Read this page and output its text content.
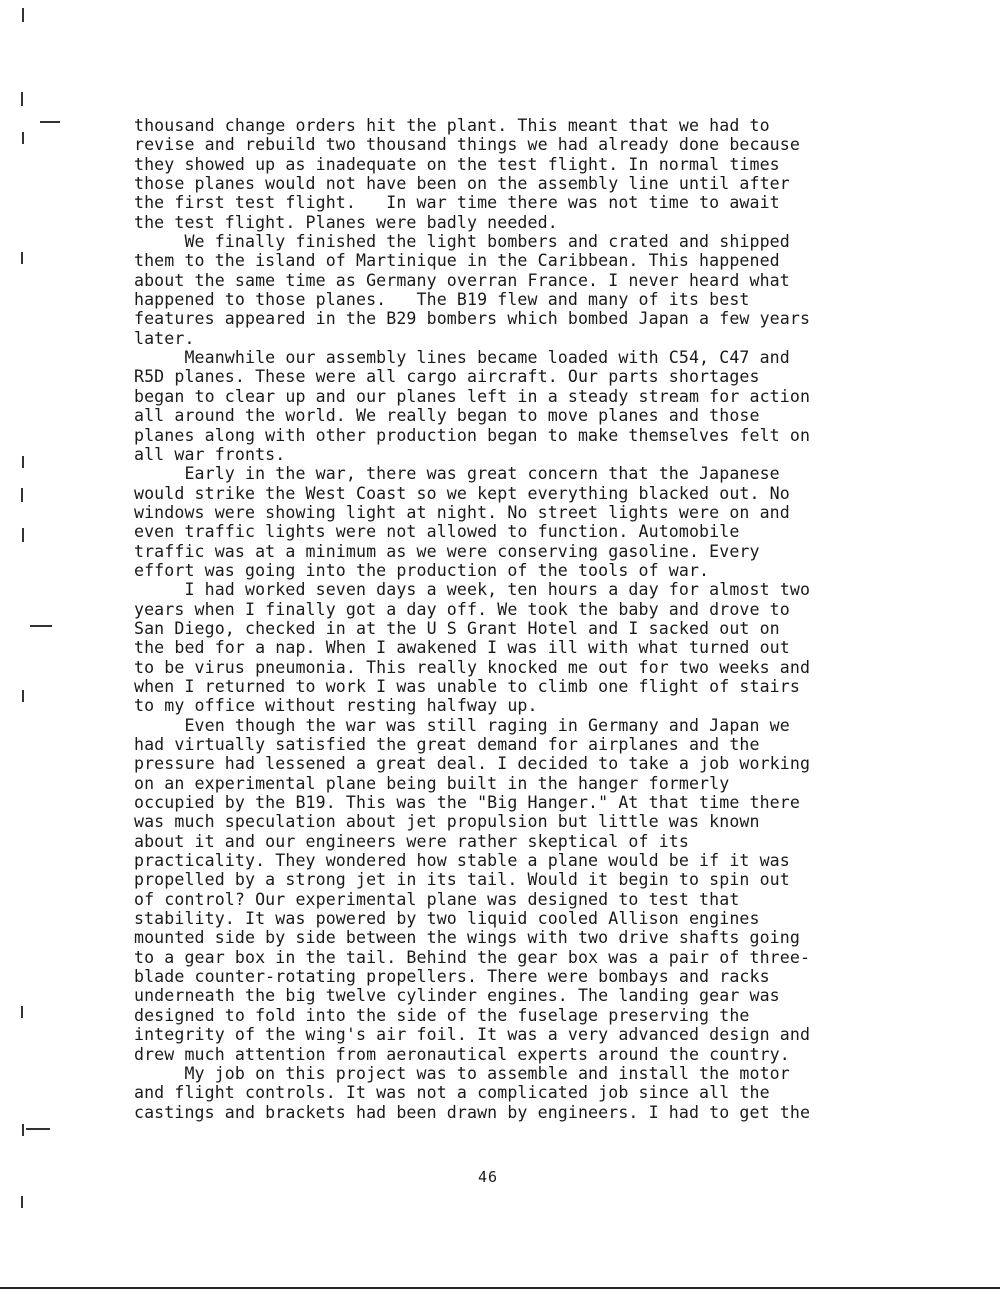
thousand change orders hit the plant. This meant that we had to
revise and rebuild two thousand things we had already done because
they showed up as inadequate on the test flight. In normal times
those planes would not have been on the assembly line until after
the first test flight.   In war time there was not time to await
the test flight. Planes were badly needed.
We finally finished the light bombers and crated and shipped
them to the island of Martinique in the Caribbean. This happened
about the same time as Germany overran France. I never heard what
happened to those planes.   The B19 flew and many of its best
features appeared in the B29 bombers which bombed Japan a few years
later.
Meanwhile our assembly lines became loaded with C54, C47 and
R5D planes. These were all cargo aircraft. Our parts shortages
began to clear up and our planes left in a steady stream for action
all around the world. We really began to move planes and those
planes along with other production began to make themselves felt on
all war fronts.
Early in the war, there was great concern that the Japanese
would strike the West Coast so we kept everything blacked out. No
windows were showing light at night. No street lights were on and
even traffic lights were not allowed to function. Automobile
traffic was at a minimum as we were conserving gasoline. Every
effort was going into the production of the tools of war.
I had worked seven days a week, ten hours a day for almost two
years when I finally got a day off. We took the baby and drove to
San Diego, checked in at the U S Grant Hotel and I sacked out on
the bed for a nap. When I awakened I was ill with what turned out
to be virus pneumonia. This really knocked me out for two weeks and
when I returned to work I was unable to climb one flight of stairs
to my office without resting halfway up.
Even though the war was still raging in Germany and Japan we
had virtually satisfied the great demand for airplanes and the
pressure had lessened a great deal. I decided to take a job working
on an experimental plane being built in the hanger formerly
occupied by the B19. This was the "Big Hanger." At that time there
was much speculation about jet propulsion but little was known
about it and our engineers were rather skeptical of its
practicality. They wondered how stable a plane would be if it was
propelled by a strong jet in its tail. Would it begin to spin out
of control? Our experimental plane was designed to test that
stability. It was powered by two liquid cooled Allison engines
mounted side by side between the wings with two drive shafts going
to a gear box in the tail. Behind the gear box was a pair of three-
blade counter-rotating propellers. There were bombays and racks
underneath the big twelve cylinder engines. The landing gear was
designed to fold into the side of the fuselage preserving the
integrity of the wing's air foil. It was a very advanced design and
drew much attention from aeronautical experts around the country.
My job on this project was to assemble and install the motor
and flight controls. It was not a complicated job since all the
castings and brackets had been drawn by engineers. I had to get the
46
